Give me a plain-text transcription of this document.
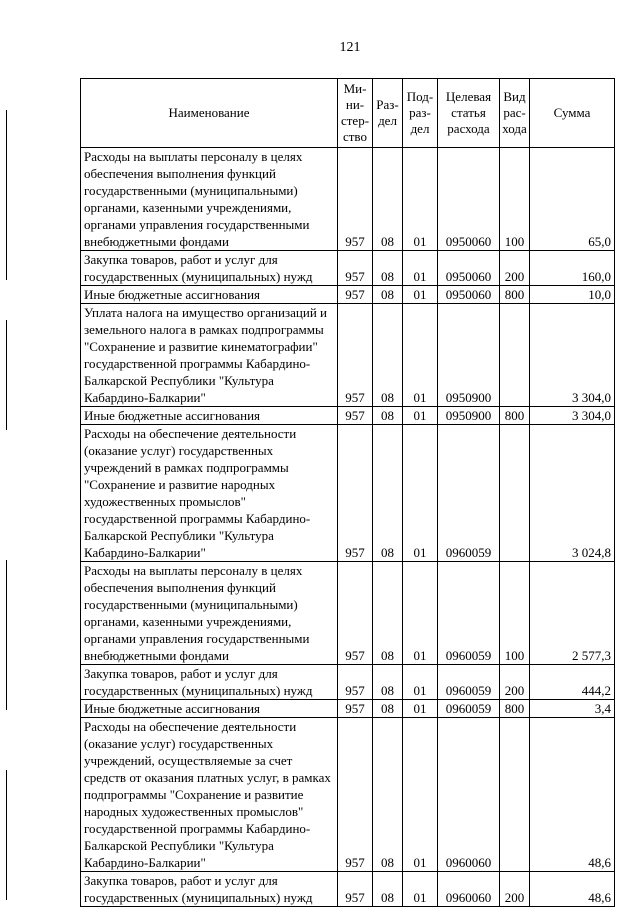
121
Наименование	Ми-ни-стер-ство	Раз-дел	Под-раз-дел	Целевая статья расхода	Вид рас-хода	Сумма
Расходы на выплаты персоналу в целях обеспечения выполнения функций государственными (муниципальными) органами, казенными учреждениями, органами управления государственными внебюджетными фондами	957	08	01	0950060	100	65,0
Закупка товаров, работ и услуг для государственных (муниципальных) нужд	957	08	01	0950060	200	160,0
Иные бюджетные ассигнования	957	08	01	0950060	800	10,0
Уплата налога на имущество организаций и земельного налога в рамках подпрограммы "Сохранение и развитие кинематографии" государственной программы Кабардино-Балкарской Республики "Культура Кабардино-Балкарии"	957	08	01	0950900		3 304,0
Иные бюджетные ассигнования	957	08	01	0950900	800	3 304,0
Расходы на обеспечение деятельности (оказание услуг) государственных учреждений в рамках подпрограммы "Сохранение и развитие народных художественных промыслов" государственной программы Кабардино-Балкарской Республики "Культура Кабардино-Балкарии"	957	08	01	0960059		3 024,8
Расходы на выплаты персоналу в целях обеспечения выполнения функций государственными (муниципальными) органами, казенными учреждениями, органами управления государственными внебюджетными фондами	957	08	01	0960059	100	2 577,3
Закупка товаров, работ и услуг для государственных (муниципальных) нужд	957	08	01	0960059	200	444,2
Иные бюджетные ассигнования	957	08	01	0960059	800	3,4
Расходы на обеспечение деятельности (оказание услуг) государственных учреждений, осуществляемые за счет средств от оказания платных услуг, в рамках подпрограммы "Сохранение и развитие народных художественных промыслов" государственной программы Кабардино-Балкарской Республики "Культура Кабардино-Балкарии"	957	08	01	0960060		48,6
Закупка товаров, работ и услуг для государственных (муниципальных) нужд	957	08	01	0960060	200	48,6
